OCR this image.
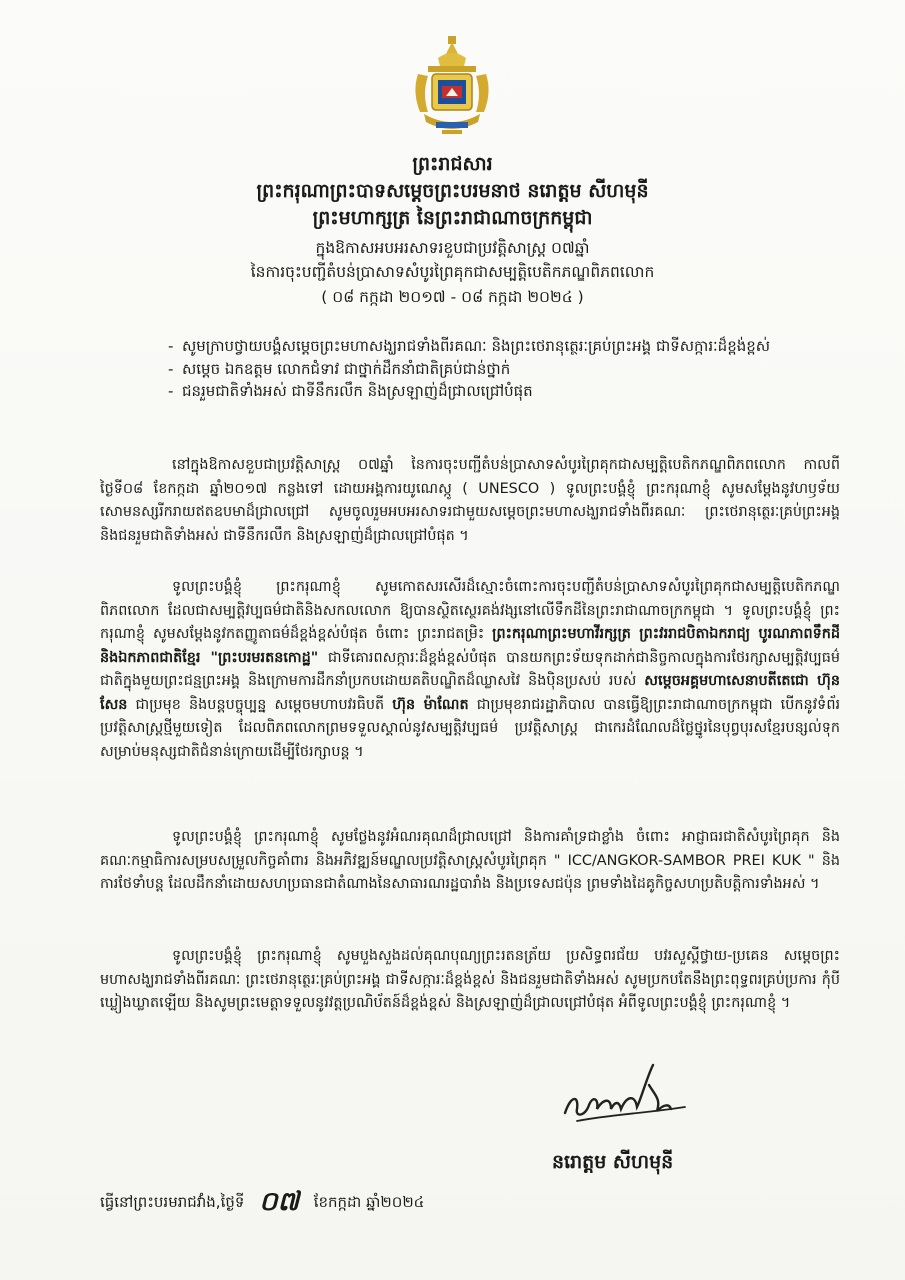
ព្រះរាជសារ
ព្រះករុណាព្រះបាទសម្តេចព្រះបរមនាថ នរោត្តម សីហមុនី
ព្រះមហាក្សត្រ នៃព្រះរាជាណាចក្រកម្ពុជា
ក្នុងឱកាសអបអរសាទរខួបជាប្រវត្តិសាស្ត្រ ០៧ឆ្នាំ
នៃការចុះបញ្ជីតំបន់ប្រាសាទសំបូរព្រៃគុកជាសម្បត្តិបេតិកភណ្ឌពិភពលោក
( ០៨ កក្កដា ២០១៧ - ០៨ កក្កដា ២០២៤ )
- សូមក្រាបថ្វាយបង្គំសម្តេចព្រះមហាសង្ឃរាជទាំងពីរគណៈ និងព្រះថេរានុត្ថេរៈគ្រប់ព្រះអង្គ ជាទីសក្ការៈដ៏ខ្ពង់ខ្ពស់
- សម្តេច ឯកឧត្តម លោកជំទាវ ជាថ្នាក់ដឹកនាំជាតិគ្រប់ជាន់ថ្នាក់
- ជនរួមជាតិទាំងអស់ ជាទីនឹករលឹក និងស្រឡាញ់ដ៏ជ្រាលជ្រៅបំផុត
នៅក្នុងឱកាសខួបជាប្រវត្តិសាស្ត្រ ០៧ឆ្នាំ នៃការចុះបញ្ជីតំបន់ប្រាសាទសំបូរព្រៃគុកជាសម្បត្តិបេតិកភណ្ឌពិភពលោក កាលពីថ្ងៃទី០៨ ខែកក្កដា ឆ្នាំ២០១៧ កន្លងទៅ ដោយអង្គការយូណេស្កូ ( UNESCO ) ទូលព្រះបង្គំខ្ញុំ ព្រះករុណាខ្ញុំ សូមសម្តែងនូវហឫទ័យសោមនស្សរីករាយឥតឧបមាដ៏ជ្រាលជ្រៅ សូមចូលរួមអបអរសាទរជាមួយសម្តេចព្រះមហាសង្ឃរាជទាំងពីរគណៈ ព្រះថេរានុត្ថេរៈគ្រប់ព្រះអង្គ និងជនរួមជាតិទាំងអស់ ជាទីនឹករលឹក និងស្រឡាញ់ដ៏ជ្រាលជ្រៅបំផុត ។
ទូលព្រះបង្គំខ្ញុំ ព្រះករុណាខ្ញុំ សូមកោតសរសើរដ៏ស្មោះចំពោះការចុះបញ្ជីតំបន់ប្រាសាទសំបូរព្រៃគុកជាសម្បត្តិបេតិកភណ្ឌពិភពលោក ដែលជាសម្បត្តិវប្បធម៌ជាតិនិងសកលលោក ឱ្យបានស្ថិតស្ថេរគង់វង្សនៅលើទឹកដីនៃព្រះរាជាណាចក្រកម្ពុជា ។ ទូលព្រះបង្គំខ្ញុំ ព្រះករុណាខ្ញុំ សូមសម្តែងនូវកតញ្ញូតាធម៌ដ៏ខ្ពង់ខ្ពស់បំផុត ចំពោះ ព្រះរាជតម្រិះ ព្រះករុណាព្រះមហាវីរក្សត្រ ព្រះវររាជបិតាឯករាជ្យ បូរណភាពទឹកដី និងឯកភាពជាតិខ្មែរ "ព្រះបរមរតនកោដ្ឋ" ជាទីគោរពសក្ការៈដ៏ខ្ពង់ខ្ពស់បំផុត បានយកព្រះទ័យទុកដាក់ជានិច្ចកាលក្នុងការថែរក្សាសម្បត្តិវប្បធម៌ជាតិក្នុងមួយព្រះជន្មព្រះអង្គ និងក្រោមការដឹកនាំប្រកបដោយគតិបណ្ឌិតដ៏ឈ្លាសវៃ និងប៉ិនប្រសប់ របស់ សម្តេចអគ្គមហាសេនាបតីតេជោ ហ៊ុន សែន ជាប្រមុខ និងបន្តបច្ចុប្បន្ន សម្តេចមហាបវរធិបតី ហ៊ុន ម៉ាណែត ជាប្រមុខរាជរដ្ឋាភិបាល បានធ្វើឱ្យព្រះរាជាណាចក្រកម្ពុជា បើកនូវទំព័រប្រវត្តិសាស្ត្រថ្មីមួយទៀត ដែលពិភពលោកព្រមទទួលស្គាល់នូវសម្បត្តិវប្បធម៌ ប្រវត្តិសាស្ត្រ ជាកេរដំណែលដ៏ថ្លៃថ្នូរនៃបុព្វបុរសខ្មែរបន្សល់ទុកសម្រាប់មនុស្សជាតិជំនាន់ក្រោយដើម្បីថែរក្សាបន្ត ។
ទូលព្រះបង្គំខ្ញុំ ព្រះករុណាខ្ញុំ សូមថ្លែងនូវអំណរគុណដ៏ជ្រាលជ្រៅ និងការគាំទ្រជាខ្លាំង ចំពោះ អាជ្ញាធរជាតិសំបូរព្រៃគុក និងគណៈកម្មាធិការសម្របសម្រួលកិច្ចគាំពារ និងអភិវឌ្ឍន៍មណ្ឌលប្រវត្តិសាស្ត្រសំបូរព្រៃគុក " ICC/ANGKOR-SAMBOR PREI KUK " និងការថែទាំបន្ត ដែលដឹកនាំដោយសហប្រធានជាតំណាងនៃសាធារណរដ្ឋបារាំង និងប្រទេសជប៉ុន ព្រមទាំងដៃគូកិច្ចសហប្រតិបត្តិការទាំងអស់ ។
ទូលព្រះបង្គំខ្ញុំ ព្រះករុណាខ្ញុំ សូមបួងសួងដល់គុណបុណ្យព្រះរតនត្រ័យ ប្រសិទ្ធពរជ័យ បវរសួស្តីថ្វាយ-ប្រគេន សម្តេចព្រះមហាសង្ឃរាជទាំងពីរគណៈ ព្រះថេរានុត្ថេរៈគ្រប់ព្រះអង្គ ជាទីសក្ការៈដ៏ខ្ពង់ខ្ពស់ និងជនរួមជាតិទាំងអស់ សូមប្រកបតែនឹងព្រះពុទ្ធពរគ្រប់ប្រការ កុំបីឃ្លៀងឃ្លាតឡើយ និងសូមព្រះមេត្តាទទួលនូវវត្តប្រណិប័តន៍ដ៏ខ្ពង់ខ្ពស់ និងស្រឡាញ់ដ៏ជ្រាលជ្រៅបំផុត អំពីទូលព្រះបង្គំខ្ញុំ ព្រះករុណាខ្ញុំ ។
នរោត្តម សីហមុនី
ធ្វើនៅព្រះបរមរាជវាំង,ថ្ងៃទី ០៧ ខែកក្កដា ឆ្នាំ២០២៤
